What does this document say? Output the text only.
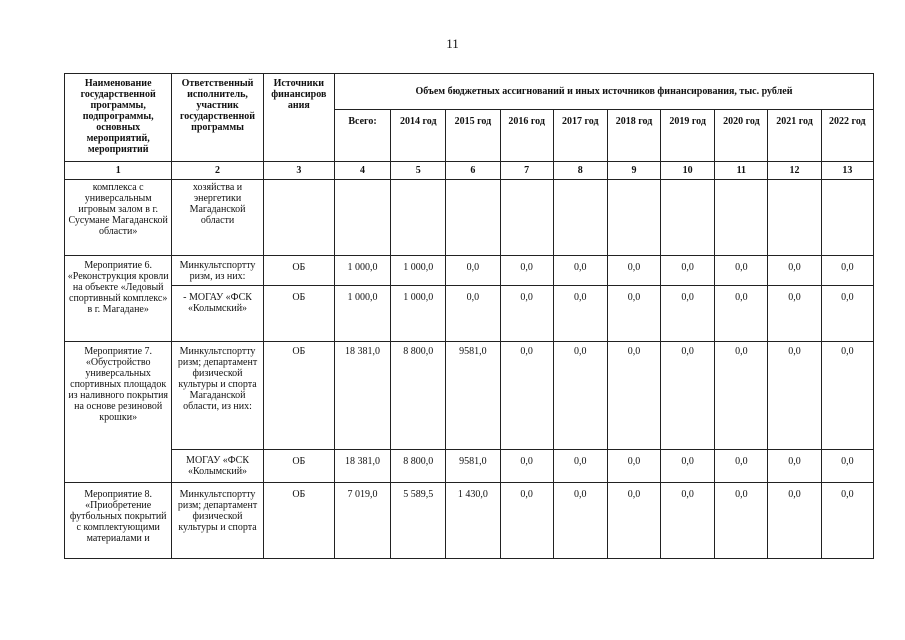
11
Наименование государственной программы, подпрограммы, основных мероприятий, мероприятий	Ответственный исполнитель, участник государственной программы	Источники финансиров ания	Объем бюджетных ассигнований и иных источников финансирования, тыс. рублей									
			Всего:	2014 год	2015 год	2016 год	2017 год	2018 год	2019 год	2020 год	2021 год	2022 год
1	2	3	4	5	6	7	8	9	10	11	12	13
комплекса с универсальным игровым залом в г. Сусумане Магаданской области»	хозяйства и энергетики Магаданской области											
Мероприятие 6. «Реконструкция кровли на объекте «Ледовый спортивный комплекс» в г. Магадане»	Минкультспортту ризм, из них:	ОБ	1 000,0	1 000,0	0,0	0,0	0,0	0,0	0,0	0,0	0,0	0,0
	- МОГАУ «ФСК «Колымский»	ОБ	1 000,0	1 000,0	0,0	0,0	0,0	0,0	0,0	0,0	0,0	0,0
Мероприятие 7. «Обустройство универсальных спортивных площадок из наливного покрытия на основе резиновой крошки»	Минкультспортту ризм; департамент физической культуры и спорта Магаданской области, из них:	ОБ	18 381,0	8 800,0	9581,0	0,0	0,0	0,0	0,0	0,0	0,0	0,0
	МОГАУ «ФСК «Колымский»	ОБ	18 381,0	8 800,0	9581,0	0,0	0,0	0,0	0,0	0,0	0,0	0,0
Мероприятие 8. «Приобретение футбольных покрытий с комплектующими материалами и	Минкультспортту ризм; департамент физической культуры и спорта	ОБ	7 019,0	5 589,5	1 430,0	0,0	0,0	0,0	0,0	0,0	0,0	0,0
